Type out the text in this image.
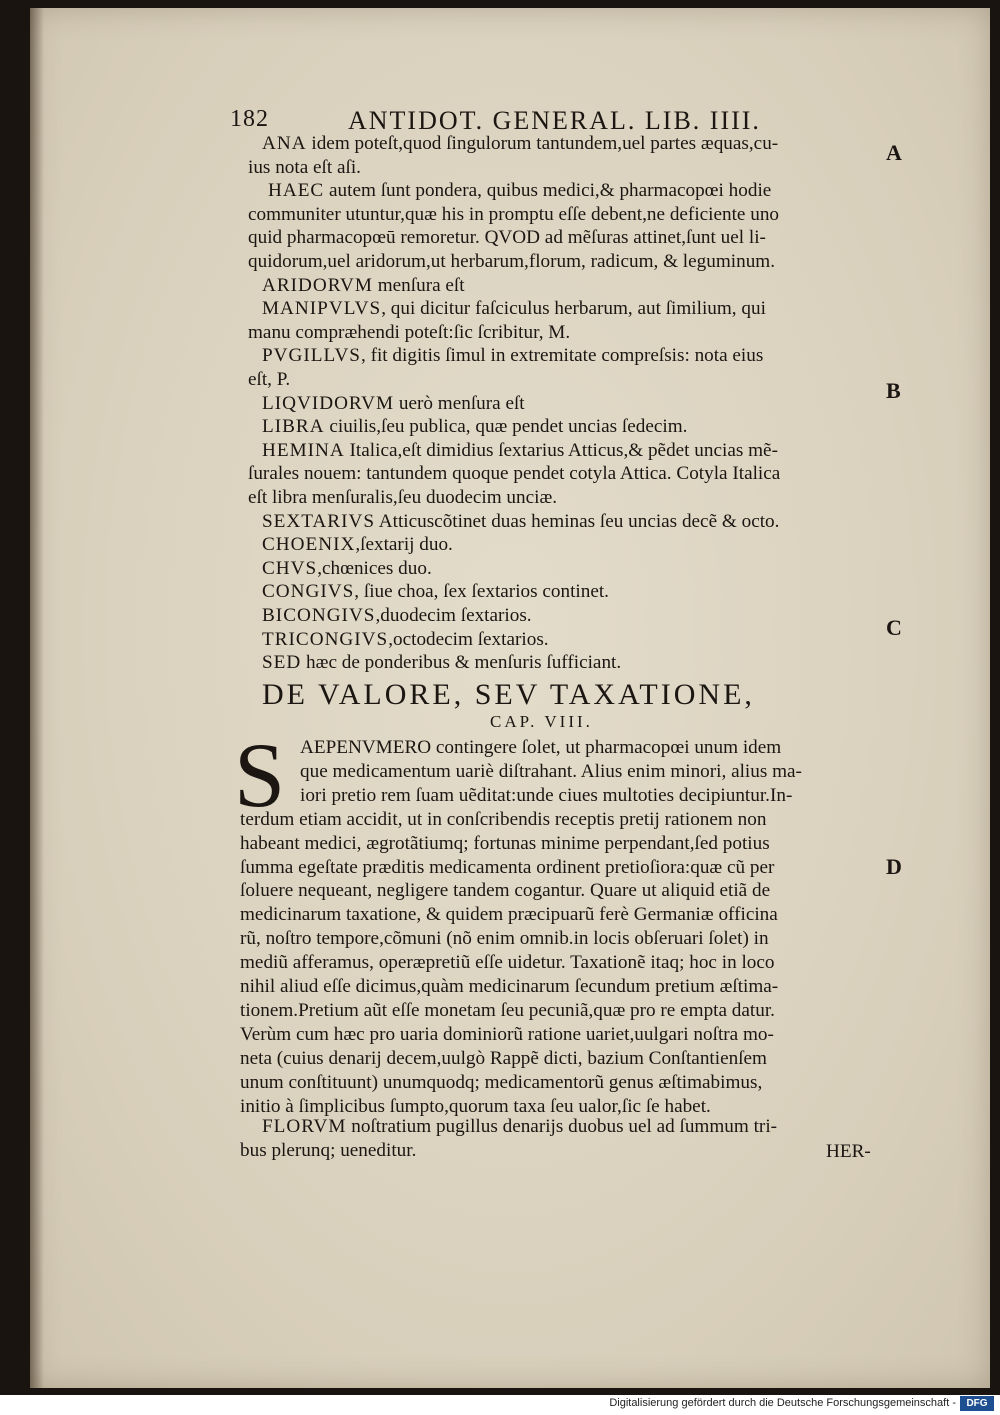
182	ANTIDOT. GENERAL. LIB. IIII.
ANA idem poteſt,quod ſingulorum tantundem,uel partes æquas,cu-
ius nota eſt aſi.
HAEC autem ſunt pondera, quibus medici,& pharmacopœi hodie
communiter utuntur,quæ his in promptu eſſe debent,ne deficiente uno
quid pharmacopœū remoretur. QVOD ad mẽſuras attinet,ſunt uel li-
quidorum,uel aridorum,ut herbarum,florum, radicum, & leguminum.
ARIDORVM menſura eſt
MANIPVLVS, qui dicitur faſciculus herbarum, aut ſimilium, qui
manu compræhendi poteſt:ſic ſcribitur, M.
PVGILLVS, fit digitis ſimul in extremitate compreſsis: nota eius
eſt, P.
LIQVIDORVM uerò menſura eſt
LIBRA ciuilis,ſeu publica, quæ pendet uncias ſedecim.
HEMINA Italica,eſt dimidius ſextarius Atticus,& pẽdet uncias mẽ-
ſurales nouem: tantundem quoque pendet cotyla Attica. Cotyla Italica
eſt libra menſuralis,ſeu duodecim unciæ.
SEXTARIVS Atticuscõtinet duas heminas ſeu uncias decẽ & octo.
CHOENIX,ſextarij duo.
CHVS,chœnices duo.
CONGIVS, ſiue choa, ſex ſextarios continet.
BICONGIVS,duodecim ſextarios.
TRICONGIVS,octodecim ſextarios.
SED hæc de ponderibus & menſuris ſufficiant.
DE VALORE, SEV TAXATIONE,
CAP. VIII.
S AEPENVMERO contingere ſolet, ut pharmacopœi unum idem
que medicamentum uariè diſtrahant. Alius enim minori, alius ma-
iori pretio rem ſuam uẽditat:unde ciues multoties decipiuntur.In-
terdum etiam accidit, ut in conſcribendis receptis pretij rationem non
habeant medici, ægrotãtiumq; fortunas minime perpendant,ſed potius
ſumma egeſtate præditis medicamenta ordinent pretioſiora:quæ cũ per
ſoluere nequeant, negligere tandem cogantur. Quare ut aliquid etiã de
medicinarum taxatione, & quidem præcipuarũ ferè Germaniæ officina
rũ, noſtro tempore,cõmuni (nõ enim omnib.in locis obſeruari ſolet) in
mediũ afferamus, operæpretiũ eſſe uidetur. Taxationẽ itaq; hoc in loco
nihil aliud eſſe dicimus,quàm medicinarum ſecundum pretium æſtima-
tionem.Pretium aũt eſſe monetam ſeu pecuniã,quæ pro re empta datur.
Verùm cum hæc pro uaria dominiorũ ratione uariet,uulgari noſtra mo-
neta (cuius denarij decem,uulgò Rappẽ dicti, bazium Conſtantienſem
unum conſtituunt) unumquodq; medicamentorũ genus æſtimabimus,
initio à ſimplicibus ſumpto,quorum taxa ſeu ualor,ſic ſe habet.
FLORVM noſtratium pugillus denarijs duobus uel ad ſummum tri-
bus plerunq; ueneditur.	HER-
A
B
C
D
Digitalisierung gefördert durch die Deutsche Forschungsgemeinschaft -	DFG
